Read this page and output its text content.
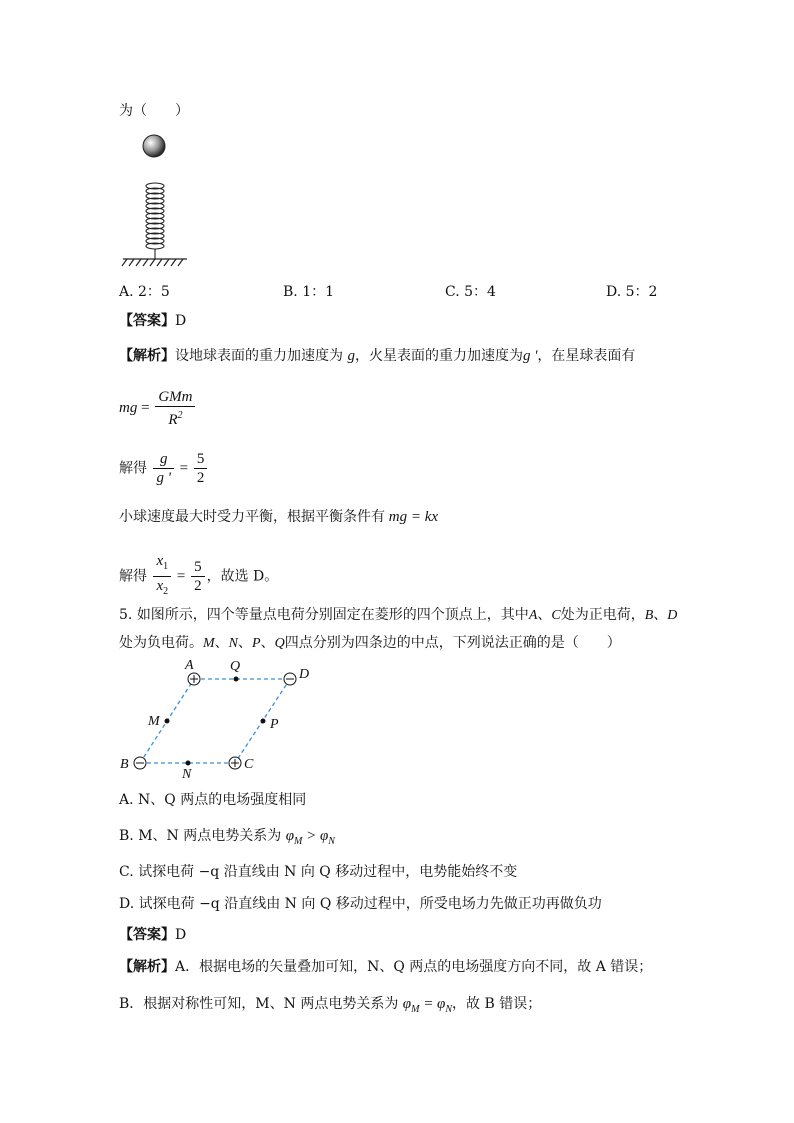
为（　　）
A. 2：5	B. 1：1	C. 5：4	D. 5：2
【答案】D
【解析】设地球表面的重力加速度为 g，火星表面的重力加速度为g '，在星球表面有
mg = $\frac{\text{GMm}}{R^2}$
解得 $\frac{g}{g '} = \frac{5}{2}$
小球速度最大时受力平衡，根据平衡条件有 mg = kx
解得 $\frac{x_1}{x_2} = \frac{5}{2}$ ，故选 D。
5. 如图所示，四个等量点电荷分别固定在菱形的四个顶点上，其中A、C处为正电荷，B、D
处为负电荷。M、N、P、Q四点分别为四条边的中点，下列说法正确的是（　　）
A	Q
D
M	P
B	C
N
A. N、Q 两点的电场强度相同
B. M、N 两点电势关系为 $\varphi_M > \varphi_N$
C. 试探电荷 −q 沿直线由 N 向 Q 移动过程中，电势能始终不变
D. 试探电荷 −q 沿直线由 N 向 Q 移动过程中，所受电场力先做正功再做负功
【答案】D
【解析】A．根据电场的矢量叠加可知，N、Q 两点的电场强度方向不同，故 A 错误；
B．根据对称性可知，M、N 两点电势关系为 $\varphi_M = \varphi_N$，故 B 错误；
